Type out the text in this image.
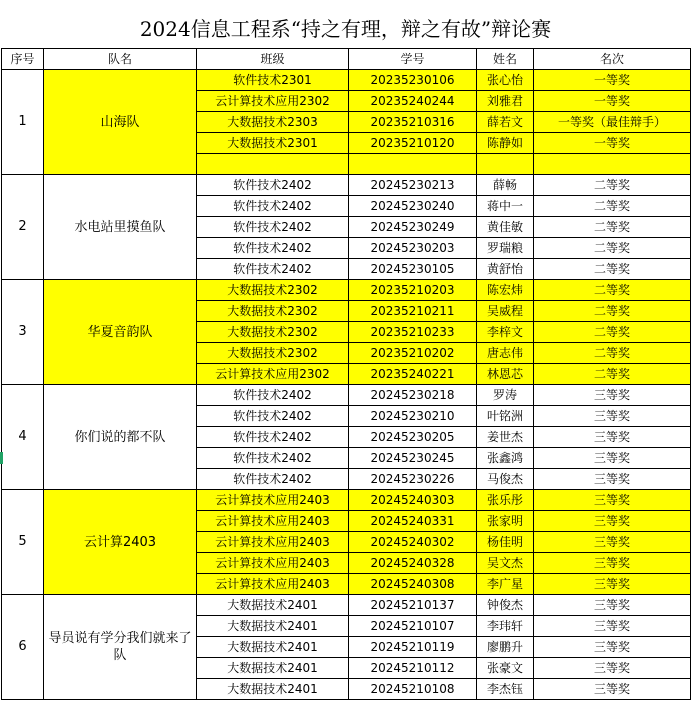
2024信息工程系“持之有理，辩之有故”辩论赛
序号	队名	班级	学号	姓名	名次
1	山海队	软件技术2301	20235230106	张心怡	一等奖
		云计算技术应用2302	20235240244	刘雅君	一等奖
		大数据技术2303	20235210316	薛若文	一等奖（最佳辩手）
		大数据技术2301	20235210120	陈静如	一等奖

2	水电站里摸鱼队	软件技术2402	20245230213	薛畅	二等奖
		软件技术2402	20245230240	蒋中一	二等奖
		软件技术2402	20245230249	黄佳敏	二等奖
		软件技术2402	20245230203	罗瑞粮	二等奖
		软件技术2402	20245230105	黄舒怡	二等奖
3	华夏音韵队	大数据技术2302	20235210203	陈宏炜	二等奖
		大数据技术2302	20235210211	吴威程	二等奖
		大数据技术2302	20235210233	李梓文	二等奖
		大数据技术2302	20235210202	唐志伟	二等奖
		云计算技术应用2302	20235240221	林恩芯	二等奖
4	你们说的都不队	软件技术2402	20245230218	罗涛	三等奖
		软件技术2402	20245230210	叶铭洲	三等奖
		软件技术2402	20245230205	姜世杰	三等奖
		软件技术2402	20245230245	张鑫鸿	三等奖
		软件技术2402	20245230226	马俊杰	三等奖
5	云计算2403	云计算技术应用2403	20245240303	张乐彤	三等奖
		云计算技术应用2403	20245240331	张家明	三等奖
		云计算技术应用2403	20245240302	杨佳明	三等奖
		云计算技术应用2403	20245240328	吴文杰	三等奖
		云计算技术应用2403	20245240308	李广星	三等奖
6	导员说有学分我们就来了队	大数据技术2401	20245210137	钟俊杰	三等奖
		大数据技术2401	20245210107	李玮轩	三等奖
		大数据技术2401	20245210119	廖鹏升	三等奖
		大数据技术2401	20245210112	张豪文	三等奖
		大数据技术2401	20245210108	李杰钰	三等奖
